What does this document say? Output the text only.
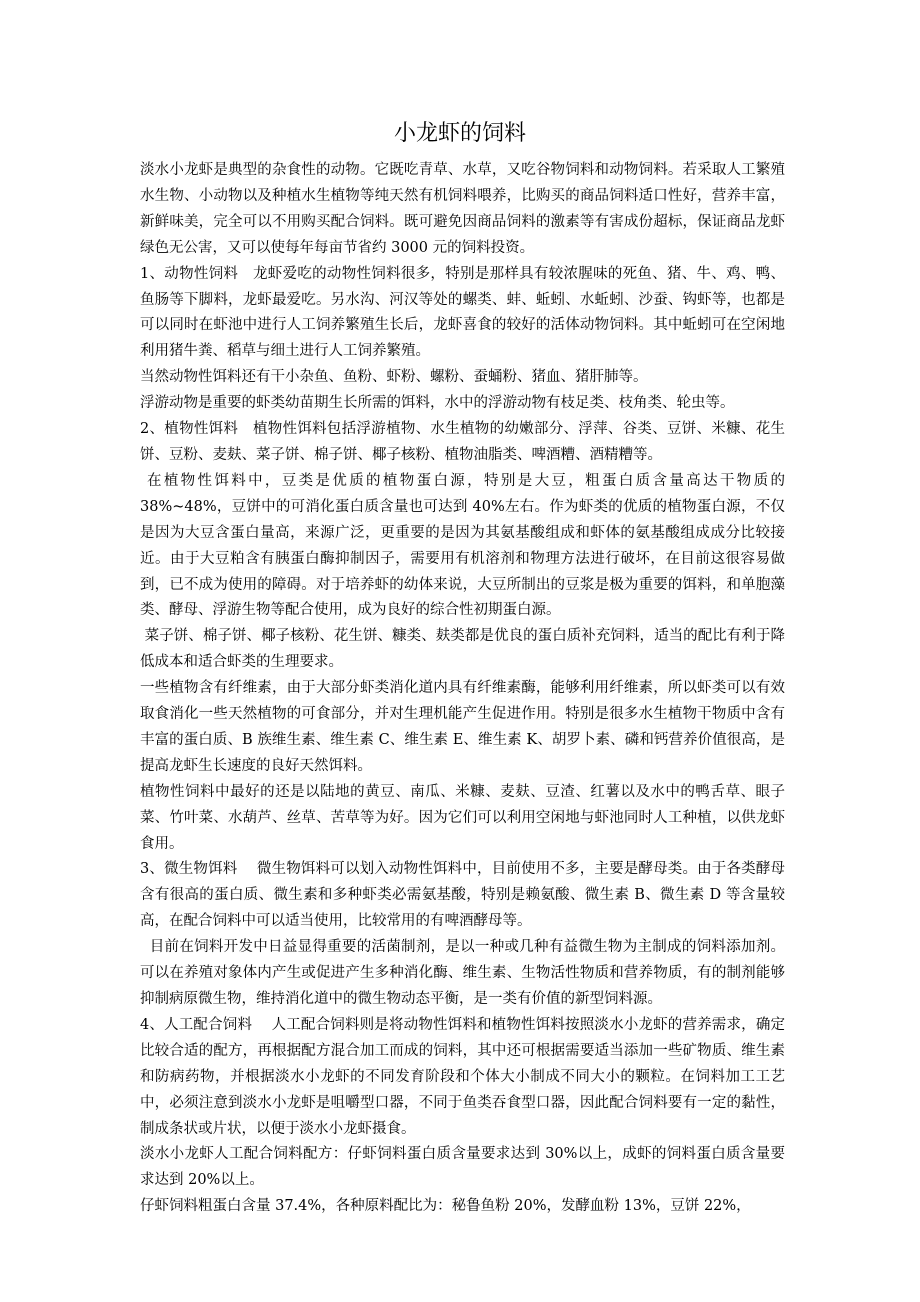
小龙虾的饲料

淡水小龙虾是典型的杂食性的动物。它既吃青草、水草，又吃谷物饲料和动物饲料。若采取人工繁殖水生物、小动物以及种植水生植物等纯天然有机饲料喂养，比购买的商品饲料适口性好，营养丰富，新鲜味美，完全可以不用购买配合饲料。既可避免因商品饲料的激素等有害成份超标，保证商品龙虾绿色无公害，又可以使每年每亩节省约 3000 元的饲料投资。

1、动物性饲料　龙虾爱吃的动物性饲料很多，特别是那样具有较浓腥味的死鱼、猪、牛、鸡、鸭、鱼肠等下脚料，龙虾最爱吃。另水沟、河汉等处的螺类、蚌、蚯蚓、水蚯蚓、沙蚕、钩虾等，也都是可以同时在虾池中进行人工饲养繁殖生长后，龙虾喜食的较好的活体动物饲料。其中蚯蚓可在空闲地利用猪牛粪、稻草与细土进行人工饲养繁殖。

当然动物性饵料还有干小杂鱼、鱼粉、虾粉、螺粉、蚕蛹粉、猪血、猪肝肺等。

浮游动物是重要的虾类幼苗期生长所需的饵料，水中的浮游动物有枝足类、枝角类、轮虫等。

2、植物性饵料　植物性饵料包括浮游植物、水生植物的幼嫩部分、浮萍、谷类、豆饼、米糠、花生饼、豆粉、麦麸、菜子饼、棉子饼、椰子核粉、植物油脂类、啤酒糟、酒精糟等。

在植物性饵料中，豆类是优质的植物蛋白源，特别是大豆，粗蛋白质含量高达干物质的 38%~48%，豆饼中的可消化蛋白质含量也可达到 40%左右。作为虾类的优质的植物蛋白源，不仅是因为大豆含蛋白量高，来源广泛，更重要的是因为其氨基酸组成和虾体的氨基酸组成成分比较接近。由于大豆粕含有胰蛋白酶抑制因子，需要用有机溶剂和物理方法进行破坏，在目前这很容易做到，已不成为使用的障碍。对于培养虾的幼体来说，大豆所制出的豆浆是极为重要的饵料，和单胞藻类、酵母、浮游生物等配合使用，成为良好的综合性初期蛋白源。

菜子饼、棉子饼、椰子核粉、花生饼、糠类、麸类都是优良的蛋白质补充饲料，适当的配比有利于降低成本和适合虾类的生理要求。

一些植物含有纤维素，由于大部分虾类消化道内具有纤维素酶，能够利用纤维素，所以虾类可以有效取食消化一些天然植物的可食部分，并对生理机能产生促进作用。特别是很多水生植物干物质中含有丰富的蛋白质、B 族维生素、维生素 C、维生素 E、维生素 K、胡罗卜素、磷和钙营养价值很高，是提高龙虾生长速度的良好天然饵料。

植物性饲料中最好的还是以陆地的黄豆、南瓜、米糠、麦麸、豆渣、红薯以及水中的鸭舌草、眼子菜、竹叶菜、水葫芦、丝草、苦草等为好。因为它们可以利用空闲地与虾池同时人工种植，以供龙虾食用。

3、微生物饵料　 微生物饵料可以划入动物性饵料中，目前使用不多，主要是酵母类。由于各类酵母含有很高的蛋白质、微生素和多种虾类必需氨基酸，特别是赖氨酸、微生素 B、微生素 D 等含量较高，在配合饲料中可以适当使用，比较常用的有啤酒酵母等。

目前在饲料开发中日益显得重要的活菌制剂，是以一种或几种有益微生物为主制成的饲料添加剂。可以在养殖对象体内产生或促进产生多种消化酶、维生素、生物活性物质和营养物质，有的制剂能够抑制病原微生物，维持消化道中的微生物动态平衡，是一类有价值的新型饲料源。

4、人工配合饲料　 人工配合饲料则是将动物性饵料和植物性饵料按照淡水小龙虾的营养需求，确定比较合适的配方，再根据配方混合加工而成的饲料，其中还可根据需要适当添加一些矿物质、维生素和防病药物，并根据淡水小龙虾的不同发育阶段和个体大小制成不同大小的颗粒。在饲料加工工艺中，必须注意到淡水小龙虾是咀嚼型口器，不同于鱼类吞食型口器，因此配合饲料要有一定的黏性，制成条状或片状，以便于淡水小龙虾摄食。

淡水小龙虾人工配合饲料配方：仔虾饲料蛋白质含量要求达到 30%以上，成虾的饲料蛋白质含量要求达到 20%以上。

仔虾饲料粗蛋白含量 37.4%，各种原料配比为：秘鲁鱼粉 20%，发酵血粉 13%，豆饼 22%，
